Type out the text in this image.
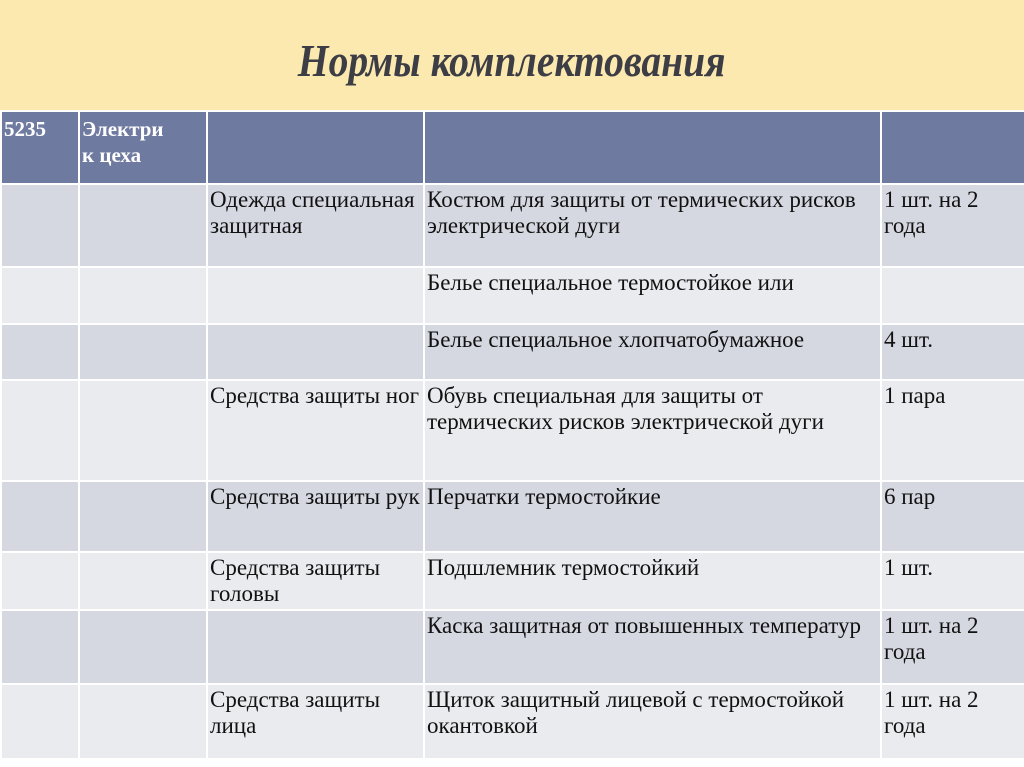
Нормы комплектования
5235	Электри
к цеха			
		Одежда специальная защитная	Костюм для защиты от термических рисков электрической дуги	1 шт. на 2 года
			Белье специальное термостойкое или	
			Белье специальное хлопчатобумажное	4 шт.
		Средства защиты ног	Обувь специальная для защиты от термических рисков электрической дуги	1 пара
		Средства защиты рук	Перчатки термостойкие	6 пар
		Средства защиты головы	Подшлемник термостойкий	1 шт.
			Каска защитная от повышенных температур	1 шт. на 2 года
		Средства защиты лица	Щиток защитный лицевой с термостойкой окантовкой	1 шт. на 2 года
